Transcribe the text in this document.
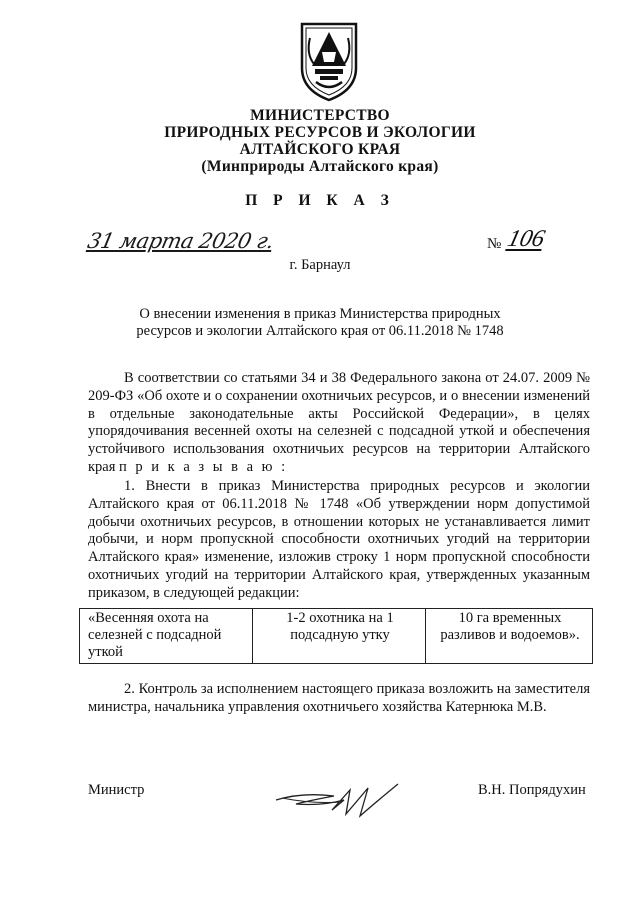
МИНИСТЕРСТВО
ПРИРОДНЫХ РЕСУРСОВ И ЭКОЛОГИИ
АЛТАЙСКОГО КРАЯ
(Минприроды Алтайского края)
П Р И К А З
31 марта 2020 г.	№ 106
г. Барнаул
О внесении изменения в приказ Министерства природных
ресурсов и экологии Алтайского края от 06.11.2018 № 1748
В соответствии со статьями 34 и 38 Федерального закона от 24.07. 2009 № 209-ФЗ «Об охоте и о сохранении охотничьих ресурсов, и о внесении изменений в отдельные законодательные акты Российской Федерации», в целях упорядочивания весенней охоты на селезней с подсадной уткой и обеспечения устойчивого использования охотничьих ресурсов на территории Алтайского края п р и к а з ы в а ю :
1. Внести в приказ Министерства природных ресурсов и экологии Алтайского края от 06.11.2018 № 1748 «Об утверждении норм допустимой добычи охотничьих ресурсов, в отношении которых не устанавливается лимит добычи, и норм пропускной способности охотничьих угодий на территории Алтайского края» изменение, изложив строку 1 норм пропускной способности охотничьих угодий на территории Алтайского края, утвержденных указанным приказом, в следующей редакции:
«Весенняя охота на селезней с подсадной уткой	1-2 охотника на 1 подсадную утку	10 га временных разливов и водоемов».
2. Контроль за исполнением настоящего приказа возложить на заместителя министра, начальника управления охотничьего хозяйства Катернюка М.В.
Министр	В.Н. Попрядухин
